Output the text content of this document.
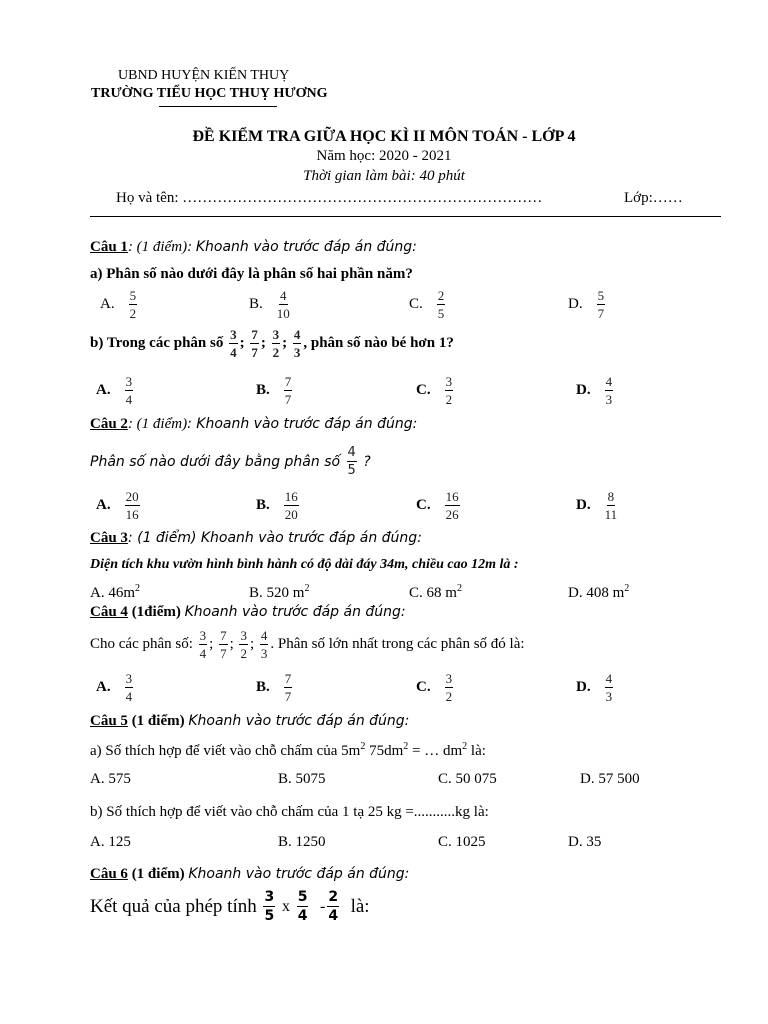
UBND HUYỆN KIẾN THUỴ
TRƯỜNG TIỂU HỌC THUỴ HƯƠNG
ĐỀ KIỂM TRA GIỮA HỌC KÌ II MÔN TOÁN - LỚP 4
Năm học: 2020 - 2021
Thời gian làm bài: 40 phút
Họ và tên: ………………………………………………………………	Lớp:……
Câu 1: (1 điểm): Khoanh vào trước đáp án đúng:
a) Phân số nào dưới đây là phân số hai phần năm?
A. $\frac{5}{2}$	B. $\frac{4}{10}$	C. $\frac{2}{5}$	D. $\frac{5}{7}$
b) Trong các phân số
$\frac{3}{4}$ ;
$\frac{7}{7}$ ;
$\frac{3}{2}$ ;
$\frac{4}{3}$ , phân số nào bé hơn 1?
A. $\frac{3}{4}$	B. $\frac{7}{7}$	C. $\frac{3}{2}$	D. $\frac{4}{3}$
Câu 2: (1 điểm): Khoanh vào trước đáp án đúng:
Phân số nào dưới đây bằng phân số
$\frac{4}{5}$
?
A. $\frac{20}{16}$	B. $\frac{16}{20}$	C. $\frac{16}{26}$	D. $\frac{8}{11}$
Câu 3: (1 điểm) Khoanh vào trước đáp án đúng:
Diện tích khu vườn hình bình hành có độ dài đáy 34m, chiều cao 12m là :
A. $46m^2$	B. 520 $m^2$	C. 68 $m^2$	D. 408 $m^2$
Câu 4 (1điểm) Khoanh vào trước đáp án đúng:
Cho các phân số:
$\frac{3}{4}$ ;
$\frac{7}{7}$ ;
$\frac{3}{2}$ ;
$\frac{4}{3}$ . Phân số lớn nhất trong các phân số đó là:
A. $\frac{3}{4}$	B. $\frac{7}{7}$	C. $\frac{3}{2}$	D. $\frac{4}{3}$
Câu 5 (1 điểm) Khoanh vào trước đáp án đúng:
a) Số thích hợp để viết vào chỗ chấm của $5m^2$ $75dm^2$ = … $dm^2$ là:
A. 575	B. 5075	C. 50 075	D. 57 500
b) Số thích hợp để viết vào chỗ chấm của 1 tạ 25 kg =...........kg là:
A. 125	B. 1250	C. 1025	D. 35
Câu 6 (1 điểm) Khoanh vào trước đáp án đúng:
Kết quả của phép tính
$\frac{3}{5}$
x
$\frac{5}{4}$
- $\frac{2}{4}$
là:
